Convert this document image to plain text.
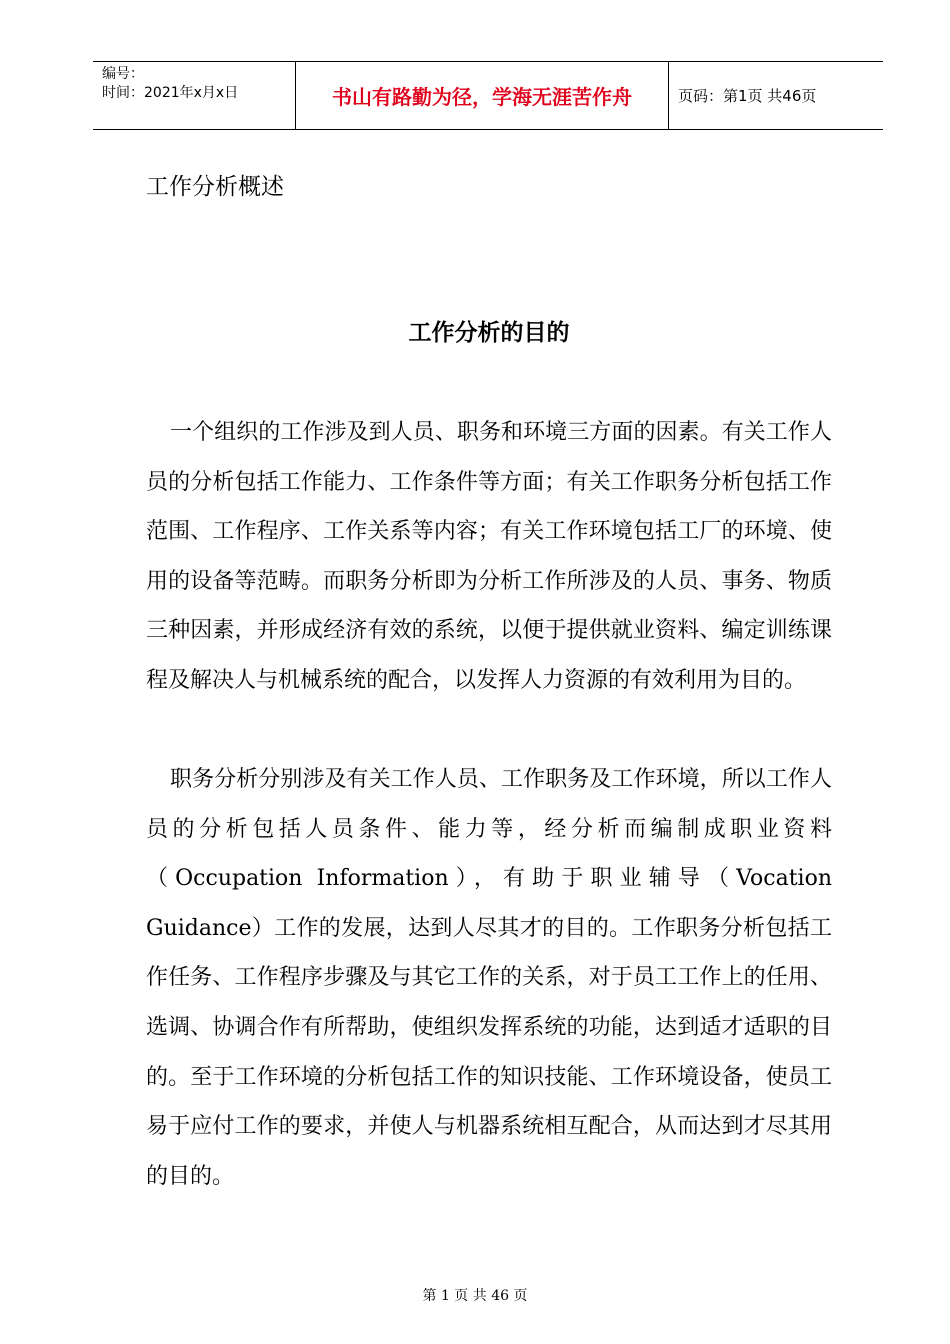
编号：
时间：2021年x月x日	书山有路勤为径，学海无涯苦作舟	页码：第1页 共46页
工作分析概述
工作分析的目的
一个组织的工作涉及到人员、职务和环境三方面的因素。有关工作人员的分析包括工作能力、工作条件等方面；有关工作职务分析包括工作范围、工作程序、工作关系等内容；有关工作环境包括工厂的环境、使用的设备等范畴。而职务分析即为分析工作所涉及的人员、事务、物质三种因素，并形成经济有效的系统，以便于提供就业资料、编定训练课程及解决人与机械系统的配合，以发挥人力资源的有效利用为目的。
职务分析分别涉及有关工作人员、工作职务及工作环境，所以工作人员的分析包括人员条件、能力等，经分析而编制成职业资料（Occupation Information），有助于职业辅导（Vocation Guidance）工作的发展，达到人尽其才的目的。工作职务分析包括工作任务、工作程序步骤及与其它工作的关系，对于员工工作上的任用、选调、协调合作有所帮助，使组织发挥系统的功能，达到适才适职的目的。至于工作环境的分析包括工作的知识技能、工作环境设备，使员工易于应付工作的要求，并使人与机器系统相互配合，从而达到才尽其用的目的。
第 1 页 共 46 页
